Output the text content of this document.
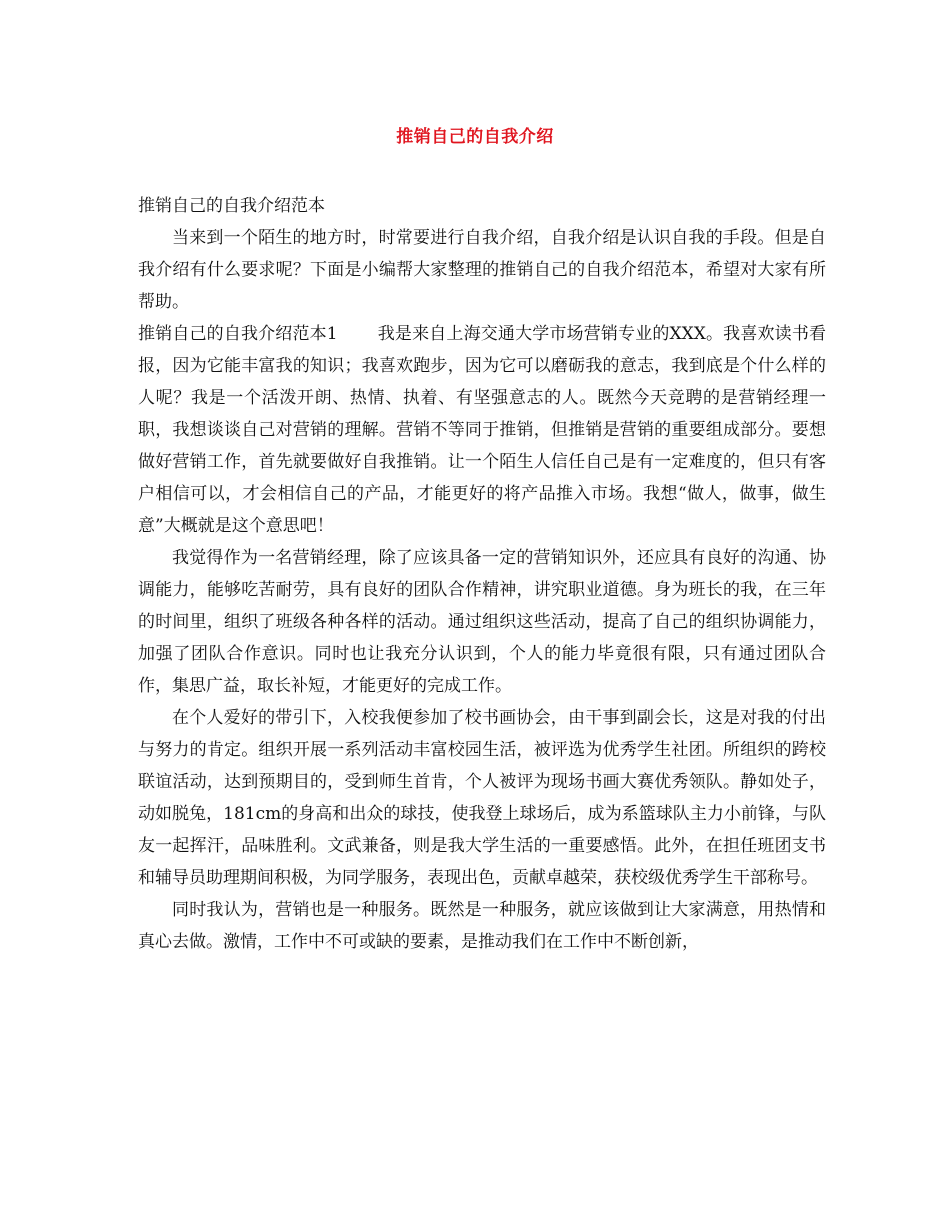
推销自己的自我介绍

推销自己的自我介绍范本

当来到一个陌生的地方时，时常要进行自我介绍，自我介绍是认识自我的手段。但是自我介绍有什么要求呢？下面是小编帮大家整理的推销自己的自我介绍范本，希望对大家有所帮助。

推销自己的自我介绍范本1 我是来自上海交通大学市场营销专业的XXX。我喜欢读书看报，因为它能丰富我的知识；我喜欢跑步，因为它可以磨砺我的意志，我到底是个什么样的人呢？我是一个活泼开朗、热情、执着、有坚强意志的人。既然今天竞聘的是营销经理一职，我想谈谈自己对营销的理解。营销不等同于推销，但推销是营销的重要组成部分。要想做好营销工作，首先就要做好自我推销。让一个陌生人信任自己是有一定难度的，但只有客户相信可以，才会相信自己的产品，才能更好的将产品推入市场。我想“做人，做事，做生意”大概就是这个意思吧！

我觉得作为一名营销经理，除了应该具备一定的营销知识外，还应具有良好的沟通、协调能力，能够吃苦耐劳，具有良好的团队合作精神，讲究职业道德。身为班长的我，在三年的时间里，组织了班级各种各样的活动。通过组织这些活动，提高了自己的组织协调能力，加强了团队合作意识。同时也让我充分认识到，个人的能力毕竟很有限，只有通过团队合作，集思广益，取长补短，才能更好的完成工作。

在个人爱好的带引下，入校我便参加了校书画协会，由干事到副会长，这是对我的付出与努力的肯定。组织开展一系列活动丰富校园生活，被评选为优秀学生社团。所组织的跨校联谊活动，达到预期目的，受到师生首肯，个人被评为现场书画大赛优秀领队。静如处子，动如脱兔，181cm的身高和出众的球技，使我登上球场后，成为系篮球队主力小前锋，与队友一起挥汗，品味胜利。文武兼备，则是我大学生活的一重要感悟。此外，在担任班团支书和辅导员助理期间积极，为同学服务，表现出色，贡献卓越荣，获校级优秀学生干部称号。

同时我认为，营销也是一种服务。既然是一种服务，就应该做到让大家满意，用热情和真心去做。激情，工作中不可或缺的要素，是推动我们在工作中不断创新，
